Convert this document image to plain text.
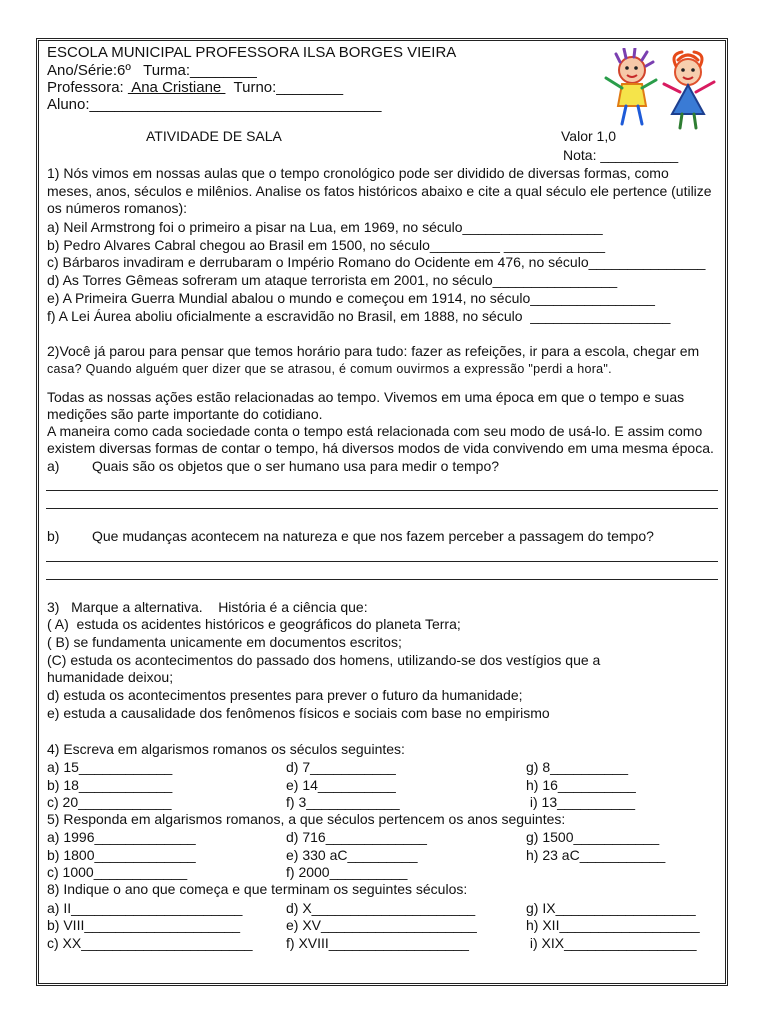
ESCOLA MUNICIPAL PROFESSORA ILSA BORGES VIEIRA
Ano/Série:6º   Turma:________
Professora:  Ana Cristiane   Turno:________
Aluno:___________________________________
ATIVIDADE DE SALA	Valor 1,0
Nota: __________
1) Nós vimos em nossas aulas que o tempo cronológico pode ser dividido de diversas formas, como
meses, anos, séculos e milênios. Analise os fatos históricos abaixo e cite a qual século ele pertence (utilize
os números romanos):
a) Neil Armstrong foi o primeiro a pisar na Lua, em 1969, no século__________________
b) Pedro Alvares Cabral chegou ao Brasil em 1500, no século_________ _____________
c) Bárbaros invadiram e derrubaram o Império Romano do Ocidente em 476, no século_______________
d) As Torres Gêmeas sofreram um ataque terrorista em 2001, no século________________
e) A Primeira Guerra Mundial abalou o mundo e começou em 1914, no século________________
f) A Lei Áurea aboliu oficialmente a escravidão no Brasil, em 1888, no século  __________________
2)Você já parou para pensar que temos horário para tudo: fazer as refeições, ir para a escola, chegar em
casa? Quando alguém quer dizer que se atrasou, é comum ouvirmos a expressão "perdi a hora".
Todas as nossas ações estão relacionadas ao tempo. Vivemos em uma época em que o tempo e suas
medições são parte importante do cotidiano.
A maneira como cada sociedade conta o tempo está relacionada com seu modo de usá-lo. E assim como
existem diversas formas de contar o tempo, há diversos modos de vida convivendo em uma mesma época.
a) Quais são os objetos que o ser humano usa para medir o tempo?
b) Que mudanças acontecem na natureza e que nos fazem perceber a passagem do tempo?
3)   Marque a alternativa.    História é a ciência que:
( A)  estuda os acidentes históricos e geográficos do planeta Terra;
( B) se fundamenta unicamente em documentos escritos;
(C) estuda os acontecimentos do passado dos homens, utilizando-se dos vestígios que a
humanidade deixou;
d) estuda os acontecimentos presentes para prever o futuro da humanidade;
e) estuda a causalidade dos fenômenos físicos e sociais com base no empirismo
4) Escreva em algarismos romanos os séculos seguintes:
a) 15____________
b) 18____________
c) 20____________
d) 7___________
e) 14__________
f) 3____________
g) 8__________
h) 16__________
i) 13__________
5) Responda em algarismos romanos, a que séculos pertencem os anos seguintes:
a) 1996_____________
b) 1800_____________
c) 1000____________
d) 716_____________
e) 330 aC_________
f) 2000__________
g) 1500___________
h) 23 aC___________
8) Indique o ano que começa e que terminam os seguintes séculos:
a) II______________________
b) VIII____________________
c) XX______________________
d) X_____________________
e) XV____________________
f) XVIII__________________
g) IX__________________
h) XII__________________
i) XIX_________________
